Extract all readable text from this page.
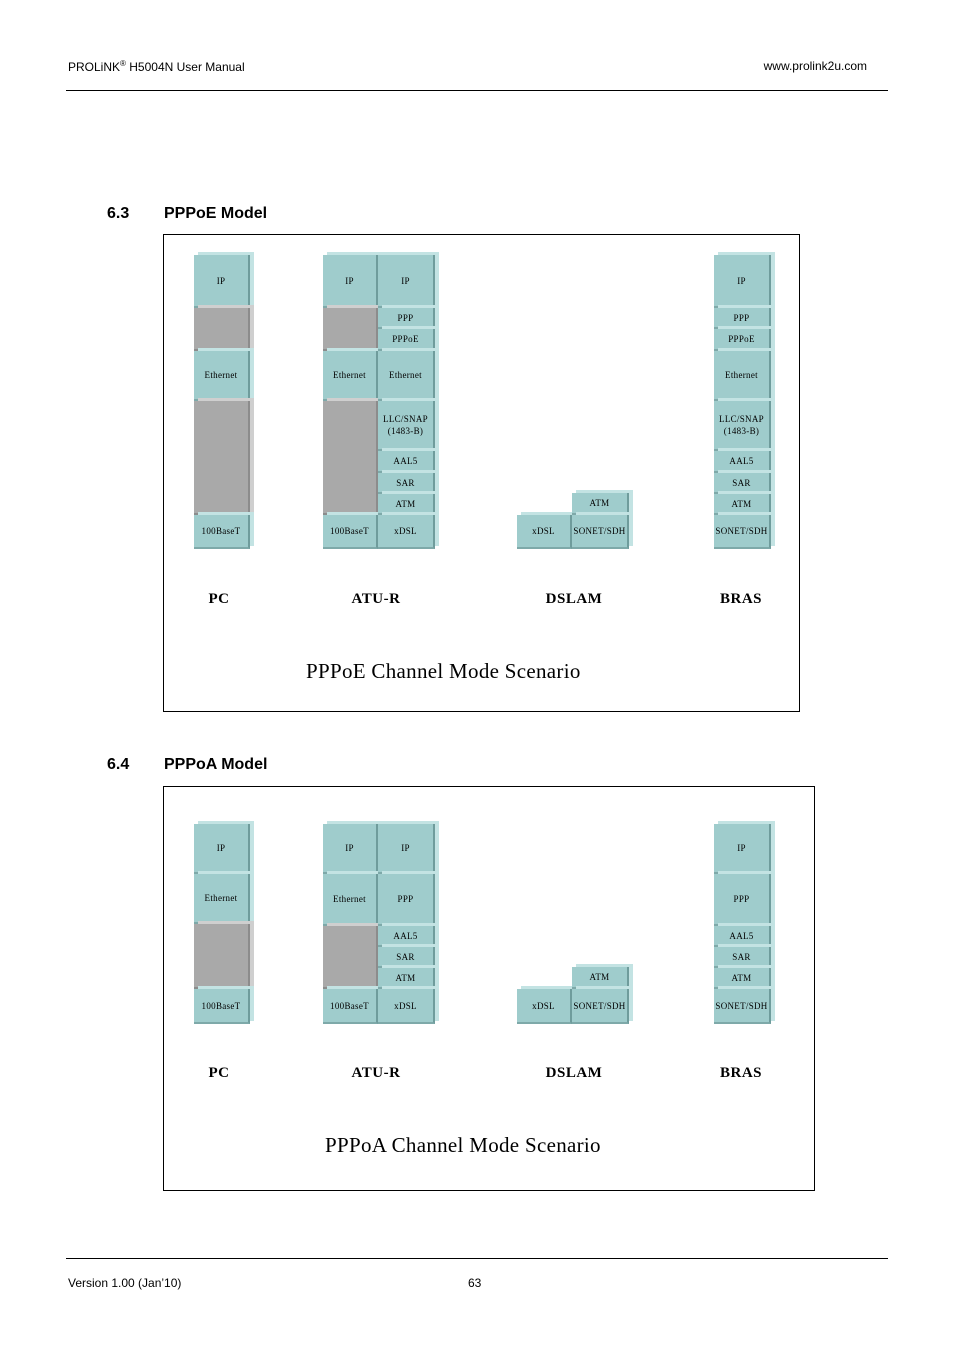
PROLiNK® H5004N User Manual	www.prolink2u.com
6.3 PPPoE Model
IP
Ethernet
100BaseT
IP
Ethernet
100BaseT
IP
PPP
PPPoE
Ethernet
LLC/SNAP
(1483-B)
AAL5
SAR
ATM
xDSL	xDSL
ATM
SONET/SDH
IP
PPP
PPPoE
Ethernet
LLC/SNAP
(1483-B)
AAL5
SAR
ATM
SONET/SDH
PC	ATU-R	DSLAM	BRAS
PPPoE Channel Mode Scenario
6.4 PPPoA Model
IP
Ethernet
100BaseT
IP
Ethernet
100BaseT
IP
PPP
AAL5
SAR
ATM
xDSL	xDSL
ATM
SONET/SDH
IP
PPP
AAL5
SAR
ATM
SONET/SDH
PC	ATU-R	DSLAM	BRAS
PPPoA Channel Mode Scenario
Version 1.00 (Jan’10)	63
